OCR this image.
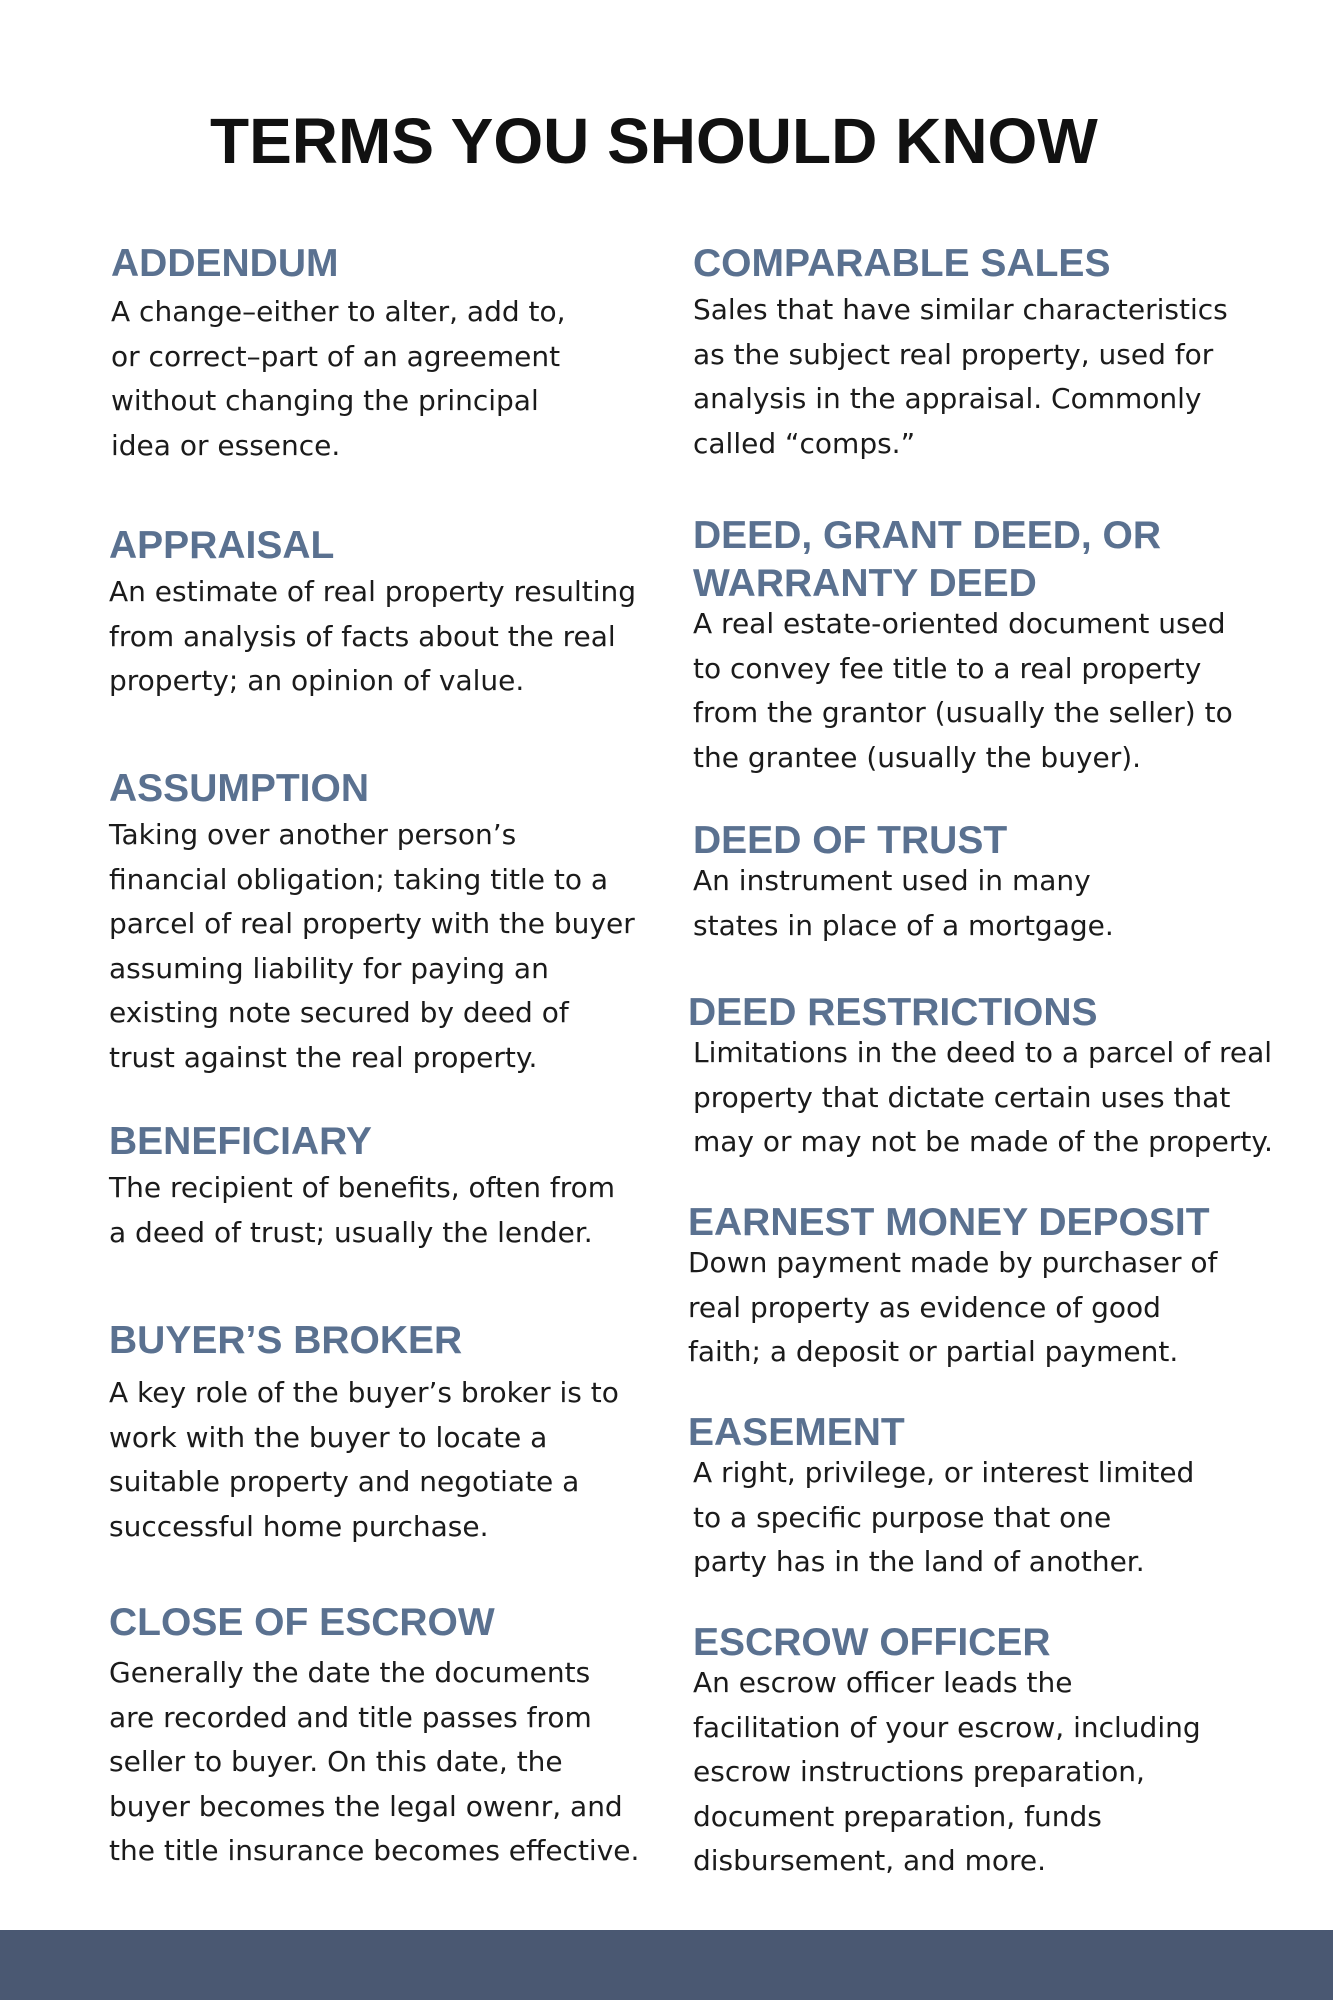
TERMS YOU SHOULD KNOW
ADDENDUM

A change–either to alter, add to,
or correct–part of an agreement
without changing the principal
idea or essence.

APPRAISAL

An estimate of real property resulting
from analysis of facts about the real
property; an opinion of value.

ASSUMPTION

Taking over another person’s
financial obligation; taking title to a
parcel of real property with the buyer
assuming liability for paying an
existing note secured by deed of
trust against the real property.

BENEFICIARY

The recipient of benefits, often from
a deed of trust; usually the lender.

BUYER’S BROKER

A key role of the buyer’s broker is to
work with the buyer to locate a
suitable property and negotiate a
successful home purchase.

CLOSE OF ESCROW

Generally the date the documents
are recorded and title passes from
seller to buyer. On this date, the
buyer becomes the legal owenr, and
the title insurance becomes effective.

COMPARABLE SALES

Sales that have similar characteristics
as the subject real property, used for
analysis in the appraisal. Commonly
called “comps.”

DEED, GRANT DEED, OR
WARRANTY DEED

A real estate-oriented document used
to convey fee title to a real property
from the grantor (usually the seller) to
the grantee (usually the buyer).

DEED OF TRUST

An instrument used in many
states in place of a mortgage.

DEED RESTRICTIONS

Limitations in the deed to a parcel of real
property that dictate certain uses that
may or may not be made of the property.

EARNEST MONEY DEPOSIT

Down payment made by purchaser of
real property as evidence of good
faith; a deposit or partial payment.

EASEMENT

A right, privilege, or interest limited
to a specific purpose that one
party has in the land of another.

ESCROW OFFICER

An escrow officer leads the
facilitation of your escrow, including
escrow instructions preparation,
document preparation, funds
disbursement, and more.
